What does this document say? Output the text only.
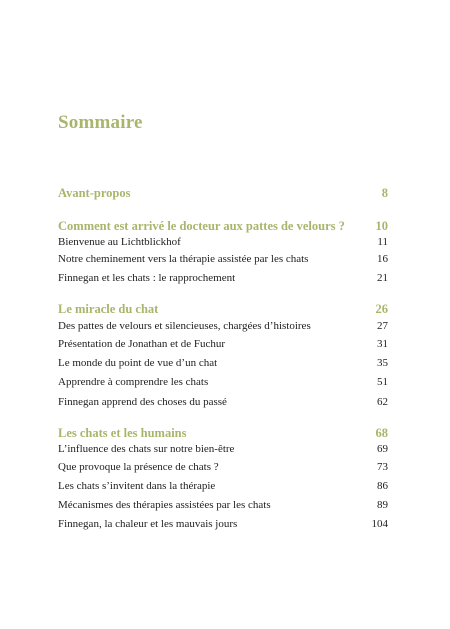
Sommaire
Avant-propos	8
Comment est arrivé le docteur aux pattes de velours ? 10
Bienvenue au Lichtblickhof	11
Notre cheminement vers la thérapie assistée par les chats	16
Finnegan et les chats : le rapprochement	21
Le miracle du chat	26
Des pattes de velours et silencieuses, chargées d’histoires	27
Présentation de Jonathan et de Fuchur	31
Le monde du point de vue d’un chat	35
Apprendre à comprendre les chats	51
Finnegan apprend des choses du passé	62
Les chats et les humains	68
L’influence des chats sur notre bien-être	69
Que provoque la présence de chats ?	73
Les chats s’invitent dans la thérapie	86
Mécanismes des thérapies assistées par les chats	89
Finnegan, la chaleur et les mauvais jours	104
